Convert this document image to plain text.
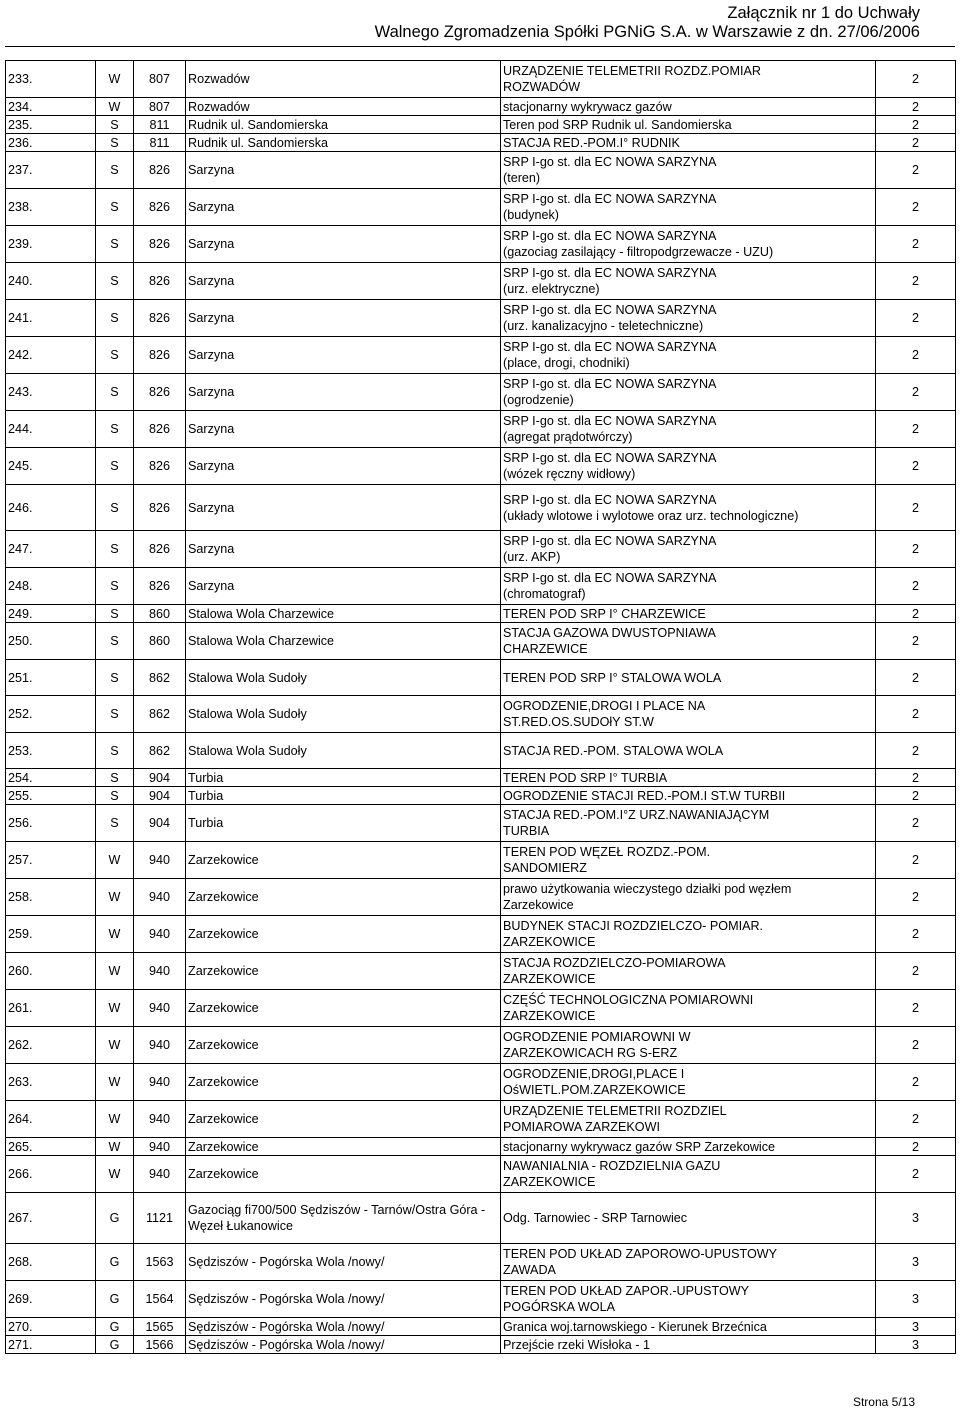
Załącznik nr 1 do Uchwały
Walnego Zgromadzenia Spółki PGNiG S.A. w Warszawie z dn. 27/06/2006
233.	W	807	Rozwadów	URZĄDZENIE TELEMETRII ROZDZ.POMIAR
ROZWADÓW	2
234.	W	807	Rozwadów	stacjonarny wykrywacz gazów	2
235.	S	811	Rudnik ul. Sandomierska	Teren pod SRP Rudnik ul. Sandomierska	2
236.	S	811	Rudnik ul. Sandomierska	STACJA RED.-POM.I° RUDNIK	2
237.	S	826	Sarzyna	SRP I-go st. dla EC NOWA SARZYNA
(teren)	2
238.	S	826	Sarzyna	SRP I-go st. dla EC NOWA SARZYNA
(budynek)	2
239.	S	826	Sarzyna	SRP I-go st. dla EC NOWA SARZYNA
(gazociag zasilający - filtropodgrzewacze - UZU)	2
240.	S	826	Sarzyna	SRP I-go st. dla EC NOWA SARZYNA
(urz. elektryczne)	2
241.	S	826	Sarzyna	SRP I-go st. dla EC NOWA SARZYNA
(urz. kanalizacyjno - teletechniczne)	2
242.	S	826	Sarzyna	SRP I-go st. dla EC NOWA SARZYNA
(place, drogi, chodniki)	2
243.	S	826	Sarzyna	SRP I-go st. dla EC NOWA SARZYNA
(ogrodzenie)	2
244.	S	826	Sarzyna	SRP I-go st. dla EC NOWA SARZYNA
(agregat prądotwórczy)	2
245.	S	826	Sarzyna	SRP I-go st. dla EC NOWA SARZYNA
(wózek ręczny widłowy)	2
246.	S	826	Sarzyna	SRP I-go st. dla EC NOWA SARZYNA
(układy wlotowe i wylotowe oraz urz. technologiczne)	2
247.	S	826	Sarzyna	SRP I-go st. dla EC NOWA SARZYNA
(urz. AKP)	2
248.	S	826	Sarzyna	SRP I-go st. dla EC NOWA SARZYNA
(chromatograf)	2
249.	S	860	Stalowa Wola Charzewice	TEREN POD SRP I° CHARZEWICE	2
250.	S	860	Stalowa Wola Charzewice	STACJA GAZOWA DWUSTOPNIAWA
CHARZEWICE	2
251.	S	862	Stalowa Wola Sudoły	TEREN POD SRP I° STALOWA WOLA	2
252.	S	862	Stalowa Wola Sudoły	OGRODZENIE,DROGI I PLACE NA
ST.RED.OS.SUDOłY ST.W	2
253.	S	862	Stalowa Wola Sudoły	STACJA RED.-POM. STALOWA WOLA	2
254.	S	904	Turbia	TEREN POD SRP I° TURBIA	2
255.	S	904	Turbia	OGRODZENIE STACJI RED.-POM.I ST.W TURBII	2
256.	S	904	Turbia	STACJA RED.-POM.I°Z URZ.NAWANIAJĄCYM
TURBIA	2
257.	W	940	Zarzekowice	TEREN POD WĘZEŁ ROZDZ.-POM.
SANDOMIERZ	2
258.	W	940	Zarzekowice	prawo użytkowania wieczystego działki pod węzłem
Zarzekowice	2
259.	W	940	Zarzekowice	BUDYNEK STACJI ROZDZIELCZO- POMIAR.
ZARZEKOWICE	2
260.	W	940	Zarzekowice	STACJA ROZDZIELCZO-POMIAROWA
ZARZEKOWICE	2
261.	W	940	Zarzekowice	CZĘŚĆ TECHNOLOGICZNA POMIAROWNI
ZARZEKOWICE	2
262.	W	940	Zarzekowice	OGRODZENIE POMIAROWNI W
ZARZEKOWICACH RG S-ERZ	2
263.	W	940	Zarzekowice	OGRODZENIE,DROGI,PLACE I
OśWIETL.POM.ZARZEKOWICE	2
264.	W	940	Zarzekowice	URZĄDZENIE TELEMETRII ROZDZIEL
POMIAROWA ZARZEKOWI	2
265.	W	940	Zarzekowice	stacjonarny wykrywacz gazów SRP Zarzekowice	2
266.	W	940	Zarzekowice	NAWANIALNIA - ROZDZIELNIA GAZU
ZARZEKOWICE	2
267.	G	1121	Gazociąg fi700/500 Sędziszów - Tarnów/Ostra Góra - Węzeł Łukanowice	Odg. Tarnowiec - SRP Tarnowiec	3
268.	G	1563	Sędziszów - Pogórska Wola /nowy/	TEREN POD UKŁAD ZAPOROWO-UPUSTOWY
ZAWADA	3
269.	G	1564	Sędziszów - Pogórska Wola /nowy/	TEREN POD UKŁAD ZAPOR.-UPUSTOWY
POGÓRSKA WOLA	3
270.	G	1565	Sędziszów - Pogórska Wola /nowy/	Granica woj.tarnowskiego - Kierunek Brzećnica	3
271.	G	1566	Sędziszów - Pogórska Wola /nowy/	Przejście rzeki Wisłoka - 1	3
Strona 5/13
